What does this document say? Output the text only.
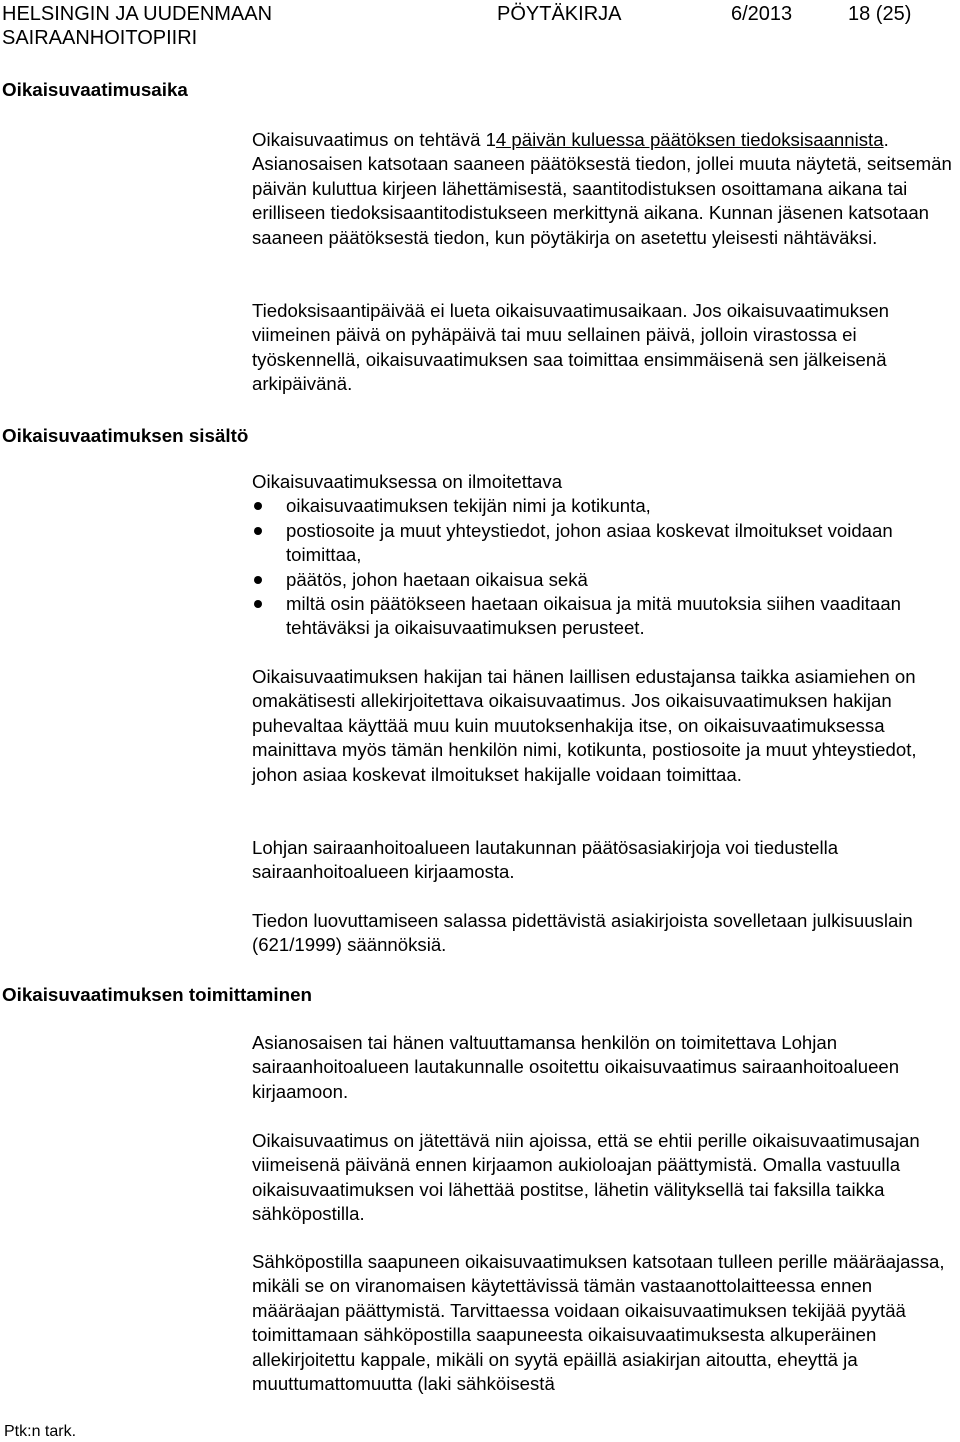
HELSINGIN JA UUDENMAAN
SAIRAANHOITOPIIRI
PÖYTÄKIRJA	6/2013	18 (25)
Oikaisuvaatimusaika
Oikaisuvaatimuksen sisältö
Oikaisuvaatimuksen toimittaminen

Oikaisuvaatimus on tehtävä 14 päivän kuluessa päätöksen tiedoksisaannista. Asianosaisen katsotaan saaneen päätöksestä tiedon, jollei muuta näytetä, seitsemän päivän kuluttua kirjeen lähettämisestä, saantitodistuksen osoittamana aikana tai erilliseen tiedoksisaantitodistukseen merkittynä aikana. Kunnan jäsenen katsotaan saaneen päätöksestä tiedon, kun pöytäkirja on asetettu yleisesti nähtäväksi.

Tiedoksisaantipäivää ei lueta oikaisuvaatimusaikaan. Jos oikaisuvaatimuksen viimeinen päivä on pyhäpäivä tai muu sellainen päivä, jolloin virastossa ei työskennellä, oikaisuvaatimuksen saa toimittaa ensimmäisenä sen jälkeisenä arkipäivänä.

Oikaisuvaatimuksessa on ilmoitettava

oikaisuvaatimuksen tekijän nimi ja kotikunta,
postiosoite ja muut yhteystiedot, johon asiaa koskevat ilmoitukset voidaan toimittaa,
päätös, johon haetaan oikaisua sekä
miltä osin päätökseen haetaan oikaisua ja mitä muutoksia siihen vaaditaan tehtäväksi ja oikaisuvaatimuksen perusteet.

Oikaisuvaatimuksen hakijan tai hänen laillisen edustajansa taikka asiamiehen on omakätisesti allekirjoitettava oikaisuvaatimus. Jos oikaisuvaatimuksen hakijan puhevaltaa käyttää muu kuin muutoksenhakija itse, on oikaisuvaatimuksessa mainittava myös tämän henkilön nimi, kotikunta, postiosoite ja muut yhteystiedot, johon asiaa koskevat ilmoitukset hakijalle voidaan toimittaa.

Lohjan sairaanhoitoalueen lautakunnan päätösasiakirjoja voi tiedustella sairaanhoitoalueen kirjaamosta.

Tiedon luovuttamiseen salassa pidettävistä asiakirjoista sovelletaan julkisuuslain (621/1999) säännöksiä.

Asianosaisen tai hänen valtuuttamansa henkilön on toimitettava Lohjan sairaanhoitoalueen lautakunnalle osoitettu oikaisuvaatimus sairaanhoitoalueen kirjaamoon.

Oikaisuvaatimus on jätettävä niin ajoissa, että se ehtii perille oikaisuvaatimusajan viimeisenä päivänä ennen kirjaamon aukioloajan päättymistä. Omalla vastuulla oikaisuvaatimuksen voi lähettää postitse, lähetin välityksellä tai faksilla taikka sähköpostilla.

Sähköpostilla saapuneen oikaisuvaatimuksen katsotaan tulleen perille määräajassa, mikäli se on viranomaisen käytettävissä tämän vastaanottolaitteessa ennen määräajan päättymistä. Tarvittaessa voidaan oikaisuvaatimuksen tekijää pyytää toimittamaan sähköpostilla saapuneesta oikaisuvaatimuksesta alkuperäinen allekirjoitettu kappale, mikäli on syytä epäillä asiakirjan aitoutta, eheyttä ja muuttumattomuutta (laki sähköisestä

Ptk:n tark.
